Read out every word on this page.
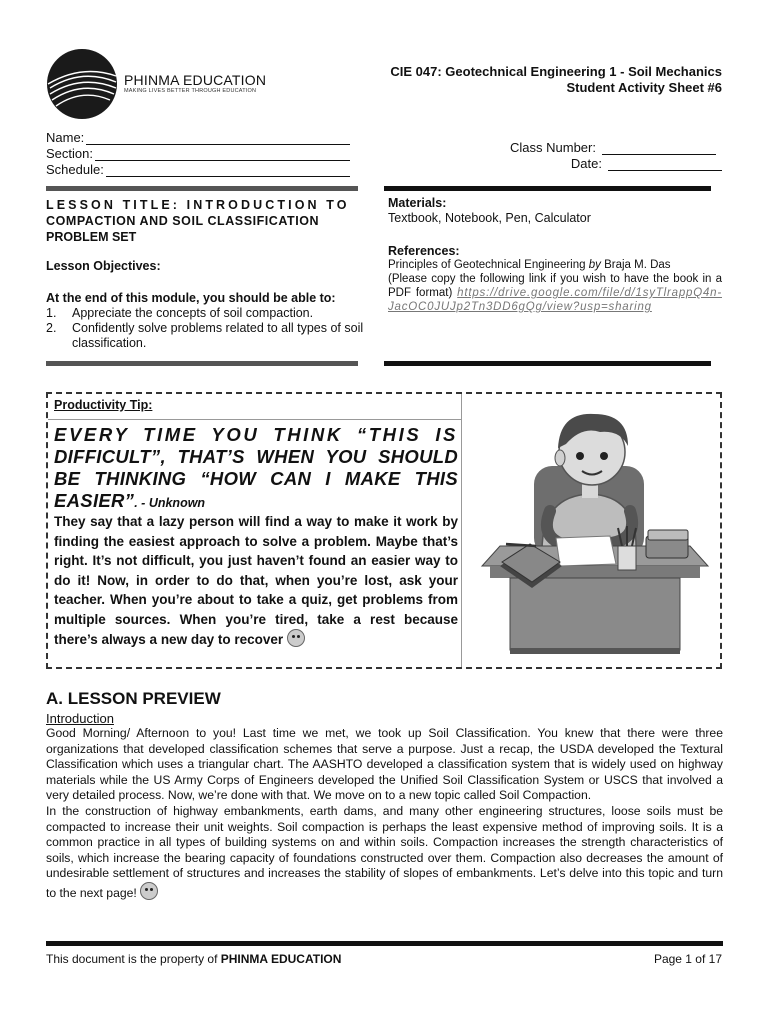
PHINMA EDUCATION
MAKING LIVES BETTER THROUGH EDUCATION
CIE 047: Geotechnical Engineering 1 - Soil Mechanics
Student Activity Sheet #6
Name:
Section:
Schedule:
Class Number:
Date:
LESSON TITLE: INTRODUCTION TO
COMPACTION AND SOIL CLASSIFICATION
PROBLEM SET
Lesson Objectives:
At the end of this module, you should be able to:
1.	Appreciate the concepts of soil compaction.
2.	Confidently solve problems related to all types of soil classification.
Materials:
Textbook, Notebook, Pen, Calculator
References:
Principles of Geotechnical Engineering by Braja M. Das
(Please copy the following link if you wish to have the book in a PDF format) https://drive.google.com/file/d/1syTlrappQ4n-JacOC0JUJp2Tn3DD6gQg/view?usp=sharing
Productivity Tip:
EVERY TIME YOU THINK “THIS IS DIFFICULT”, THAT’S WHEN YOU SHOULD BE THINKING “HOW CAN I MAKE THIS EASIER”. - Unknown
They say that a lazy person will find a way to make it work by finding the easiest approach to solve a problem. Maybe that’s right. It’s not difficult, you just haven’t found an easier way to do it! Now, in order to do that, when you’re lost, ask your teacher. When you’re about to take a quiz, get problems from multiple sources. When you’re tired, take a rest because there’s always a new day to recover
A. LESSON PREVIEW
Introduction
Good Morning/ Afternoon to you! Last time we met, we took up Soil Classification. You knew that there were three organizations that developed classification schemes that serve a purpose. Just a recap, the USDA developed the Textural Classification which uses a triangular chart. The AASHTO developed a classification system that is widely used on highway materials while the US Army Corps of Engineers developed the Unified Soil Classification System or USCS that involved a very detailed process. Now, we’re done with that. We move on to a new topic called Soil Compaction.
In the construction of highway embankments, earth dams, and many other engineering structures, loose soils must be compacted to increase their unit weights. Soil compaction is perhaps the least expensive method of improving soils. It is a common practice in all types of building systems on and within soils. Compaction increases the strength characteristics of soils, which increase the bearing capacity of foundations constructed over them. Compaction also decreases the amount of undesirable settlement of structures and increases the stability of slopes of embankments. Let’s delve into this topic and turn to the next page!
This document is the property of PHINMA EDUCATION	Page 1 of 17
